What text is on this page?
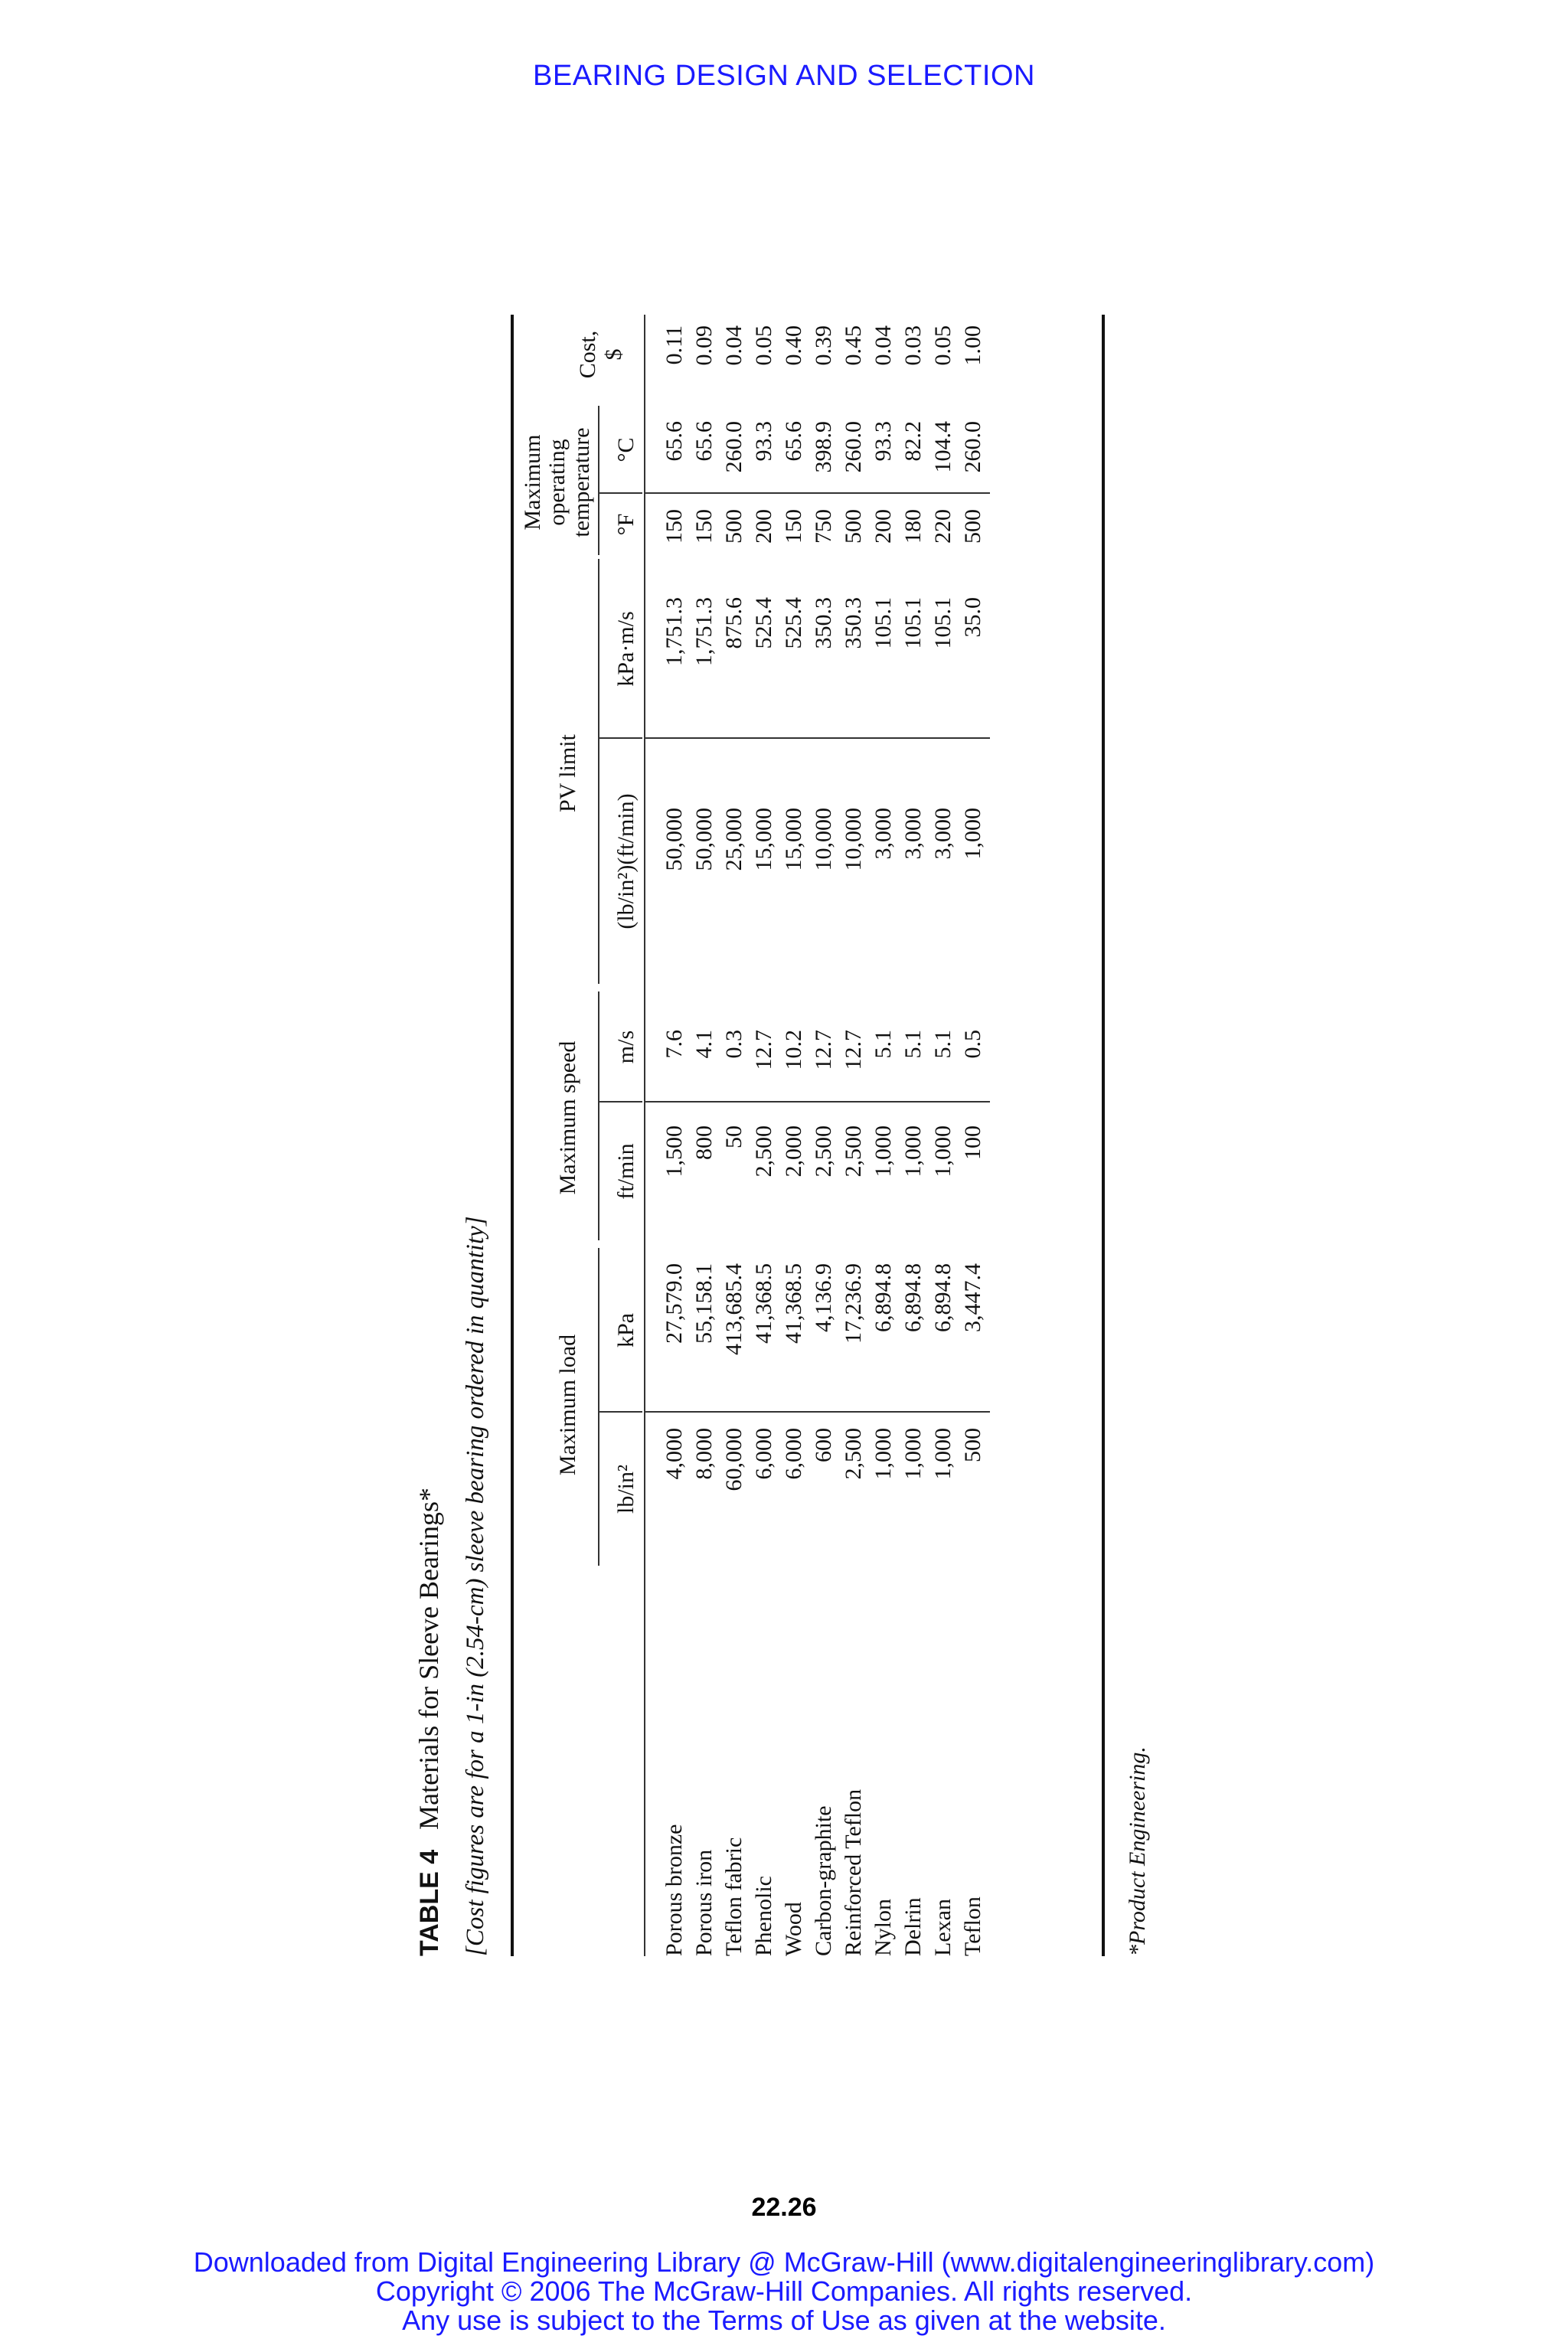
BEARING DESIGN AND SELECTION
TABLE 4Materials for Sleeve Bearings* [Cost figures are for a 1-in (2.54-cm) sleeve bearing ordered in quantity]	Maximum load
Maximum speed
PV limit
Maximum operating temperature
Cost, $
lb/in²
kPa
ft/min
m/s
(lb/in²)(ft/min)
kPa·m/s
°F
°C
Porous bronze
4,000
27,579.0
1,500
7.6
50,000
1,751.3
150
65.6
0.11
Porous iron
8,000
55,158.1
800
4.1
50,000
1,751.3
150
65.6
0.09
Teflon fabric
60,000
413,685.4
50
0.3
25,000
875.6
500
260.0
0.04
Phenolic
6,000
41,368.5
2,500
12.7
15,000
525.4
200
93.3
0.05
Wood
6,000
41,368.5
2,000
10.2
15,000
525.4
150
65.6
0.40
Carbon-graphite
600
4,136.9
2,500
12.7
10,000
350.3
750
398.9
0.39
Reinforced Teflon
2,500
17,236.9
2,500
12.7
10,000
350.3
500
260.0
0.45
Nylon
1,000
6,894.8
1,000
5.1
3,000
105.1
200
93.3
0.04
Delrin
1,000
6,894.8
1,000
5.1
3,000
105.1
180
82.2
0.03
Lexan
1,000
6,894.8
1,000
5.1
3,000
105.1
220
104.4
0.05
Teflon
500
3,447.4
100
0.5
1,000
35.0
500
260.0
1.00
*Product Engineering.
22.26
Downloaded from Digital Engineering Library @ McGraw-Hill (www.digitalengineeringlibrary.com)
Copyright © 2006 The McGraw-Hill Companies. All rights reserved.
Any use is subject to the Terms of Use as given at the website.
